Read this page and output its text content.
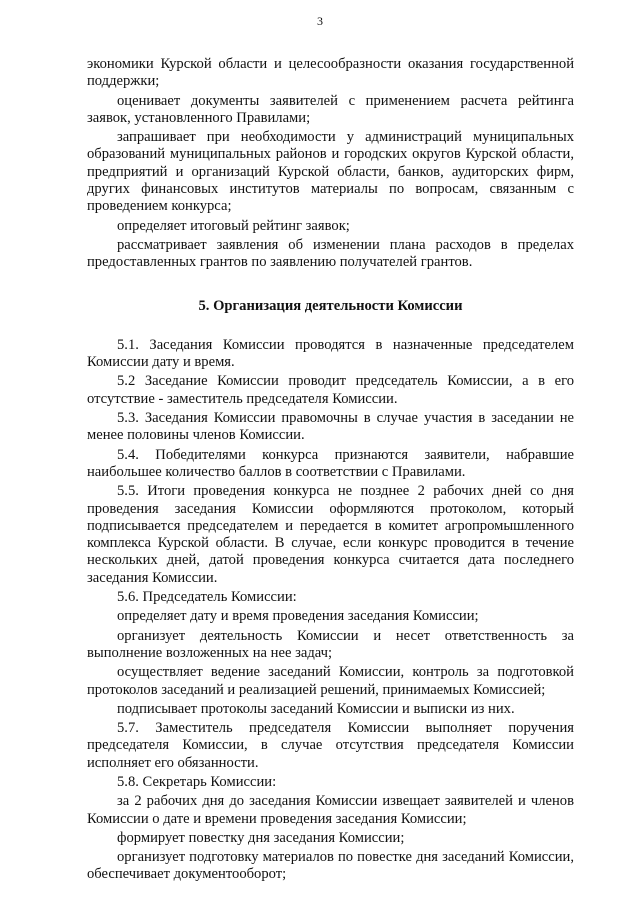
3

экономики Курской области и целесообразности оказания государственной поддержки;

оценивает документы заявителей с применением расчета рейтинга заявок, установленного Правилами;

запрашивает при необходимости у администраций муниципальных образований муниципальных районов и городских округов Курской области, предприятий и организаций Курской области, банков, аудиторских фирм, других финансовых институтов материалы по вопросам, связанным с проведением конкурса;

определяет итоговый рейтинг заявок;

рассматривает заявления об изменении плана расходов в пределах предоставленных грантов по заявлению получателей грантов.

5. Организация деятельности Комиссии

5.1. Заседания Комиссии проводятся в назначенные председателем Комиссии дату и время.

5.2 Заседание Комиссии проводит председатель Комиссии, а в его отсутствие - заместитель председателя Комиссии.

5.3. Заседания Комиссии правомочны в случае участия в заседании не менее половины членов Комиссии.

5.4. Победителями конкурса признаются заявители, набравшие наибольшее количество баллов в соответствии с Правилами.

5.5. Итоги проведения конкурса не позднее 2 рабочих дней со дня проведения заседания Комиссии оформляются протоколом, который подписывается председателем и передается в комитет агропромышленного комплекса Курской области. В случае, если конкурс проводится в течение нескольких дней, датой проведения конкурса считается дата последнего заседания Комиссии.

5.6. Председатель Комиссии:

определяет дату и время проведения заседания Комиссии;

организует деятельность Комиссии и несет ответственность за выполнение возложенных на нее задач;

осуществляет ведение заседаний Комиссии, контроль за подготовкой протоколов заседаний и реализацией решений, принимаемых Комиссией;

подписывает протоколы заседаний Комиссии и выписки из них.

5.7. Заместитель председателя Комиссии выполняет поручения председателя Комиссии, в случае отсутствия председателя Комиссии исполняет его обязанности.

5.8. Секретарь Комиссии:

за 2 рабочих дня до заседания Комиссии извещает заявителей и членов Комиссии о дате и времени проведения заседания Комиссии;

формирует повестку дня заседания Комиссии;

организует подготовку материалов по повестке дня заседаний Комиссии, обеспечивает документооборот;
